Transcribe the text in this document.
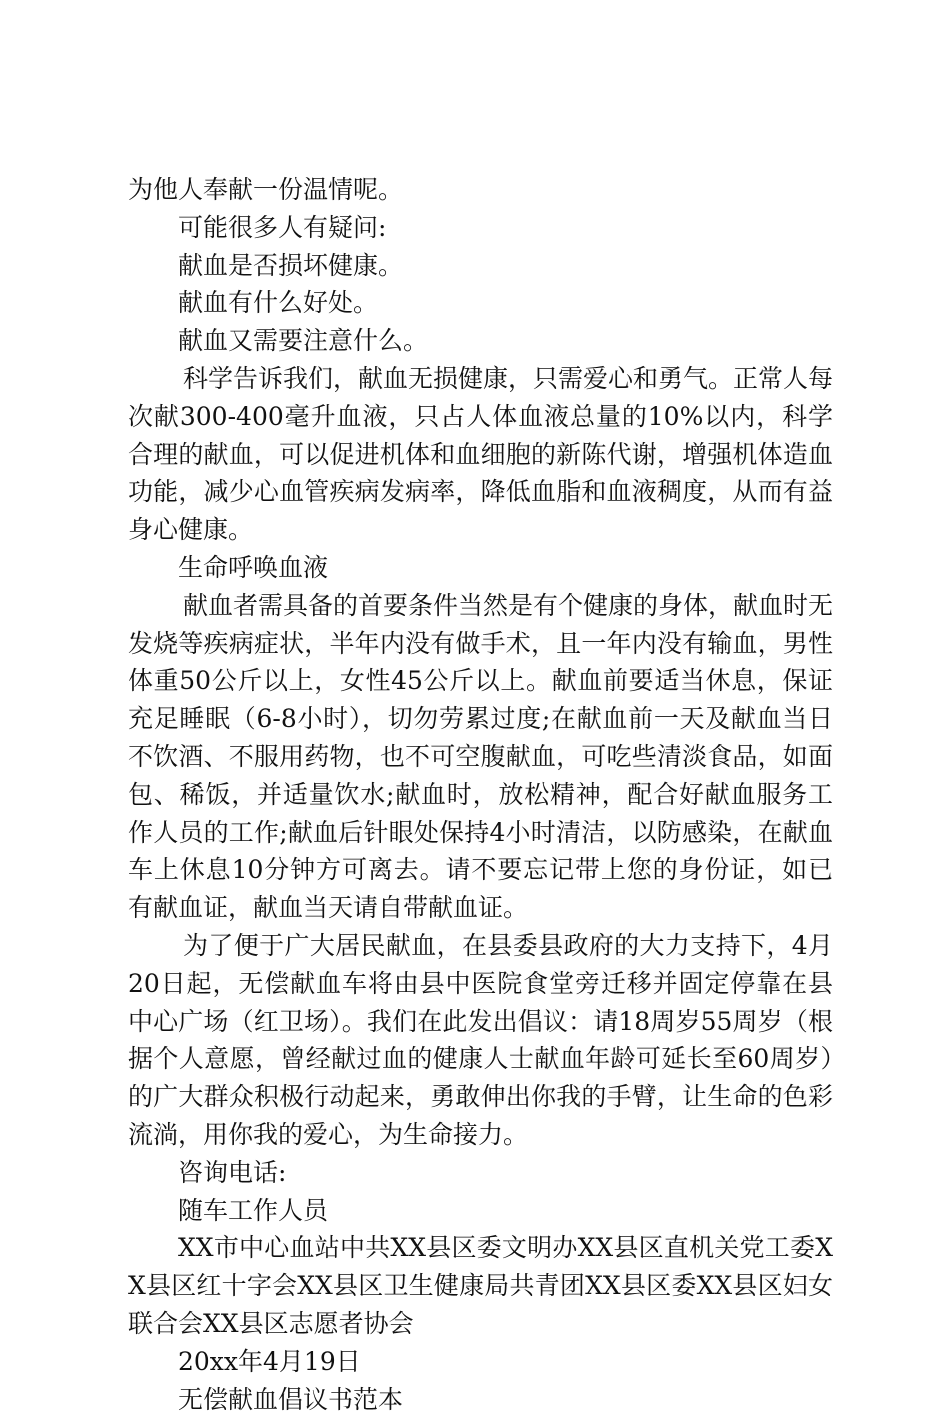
为他人奉献一份温情呢。

可能很多人有疑问:

献血是否损坏健康。

献血有什么好处。

献血又需要注意什么。

科学告诉我们，献血无损健康，只需爱心和勇气。正常人每次献300-400毫升血液，只占人体血液总量的10%以内，科学合理的献血，可以促进机体和血细胞的新陈代谢，增强机体造血功能，减少心血管疾病发病率，降低血脂和血液稠度，从而有益身心健康。

生命呼唤血液

献血者需具备的首要条件当然是有个健康的身体，献血时无发烧等疾病症状，半年内没有做手术，且一年内没有输血，男性体重50公斤以上，女性45公斤以上。献血前要适当休息，保证充足睡眠（6-8小时），切勿劳累过度;在献血前一天及献血当日不饮酒、不服用药物，也不可空腹献血，可吃些清淡食品，如面包、稀饭，并适量饮水;献血时，放松精神，配合好献血服务工作人员的工作;献血后针眼处保持4小时清洁，以防感染，在献血车上休息10分钟方可离去。请不要忘记带上您的身份证，如已有献血证，献血当天请自带献血证。

为了便于广大居民献血，在县委县政府的大力支持下，4月20日起，无偿献血车将由县中医院食堂旁迁移并固定停靠在县中心广场（红卫场）。我们在此发出倡议：请18周岁55周岁（根据个人意愿，曾经献过血的健康人士献血年龄可延长至60周岁）的广大群众积极行动起来，勇敢伸出你我的手臂，让生命的色彩流淌，用你我的爱心，为生命接力。

咨询电话:

随车工作人员

XX市中心血站中共XX县区委文明办XX县区直机关党工委XX县区红十字会XX县区卫生健康局共青团XX县区委XX县区妇女联合会XX县区志愿者协会

20xx年4月19日

无偿献血倡议书范本
